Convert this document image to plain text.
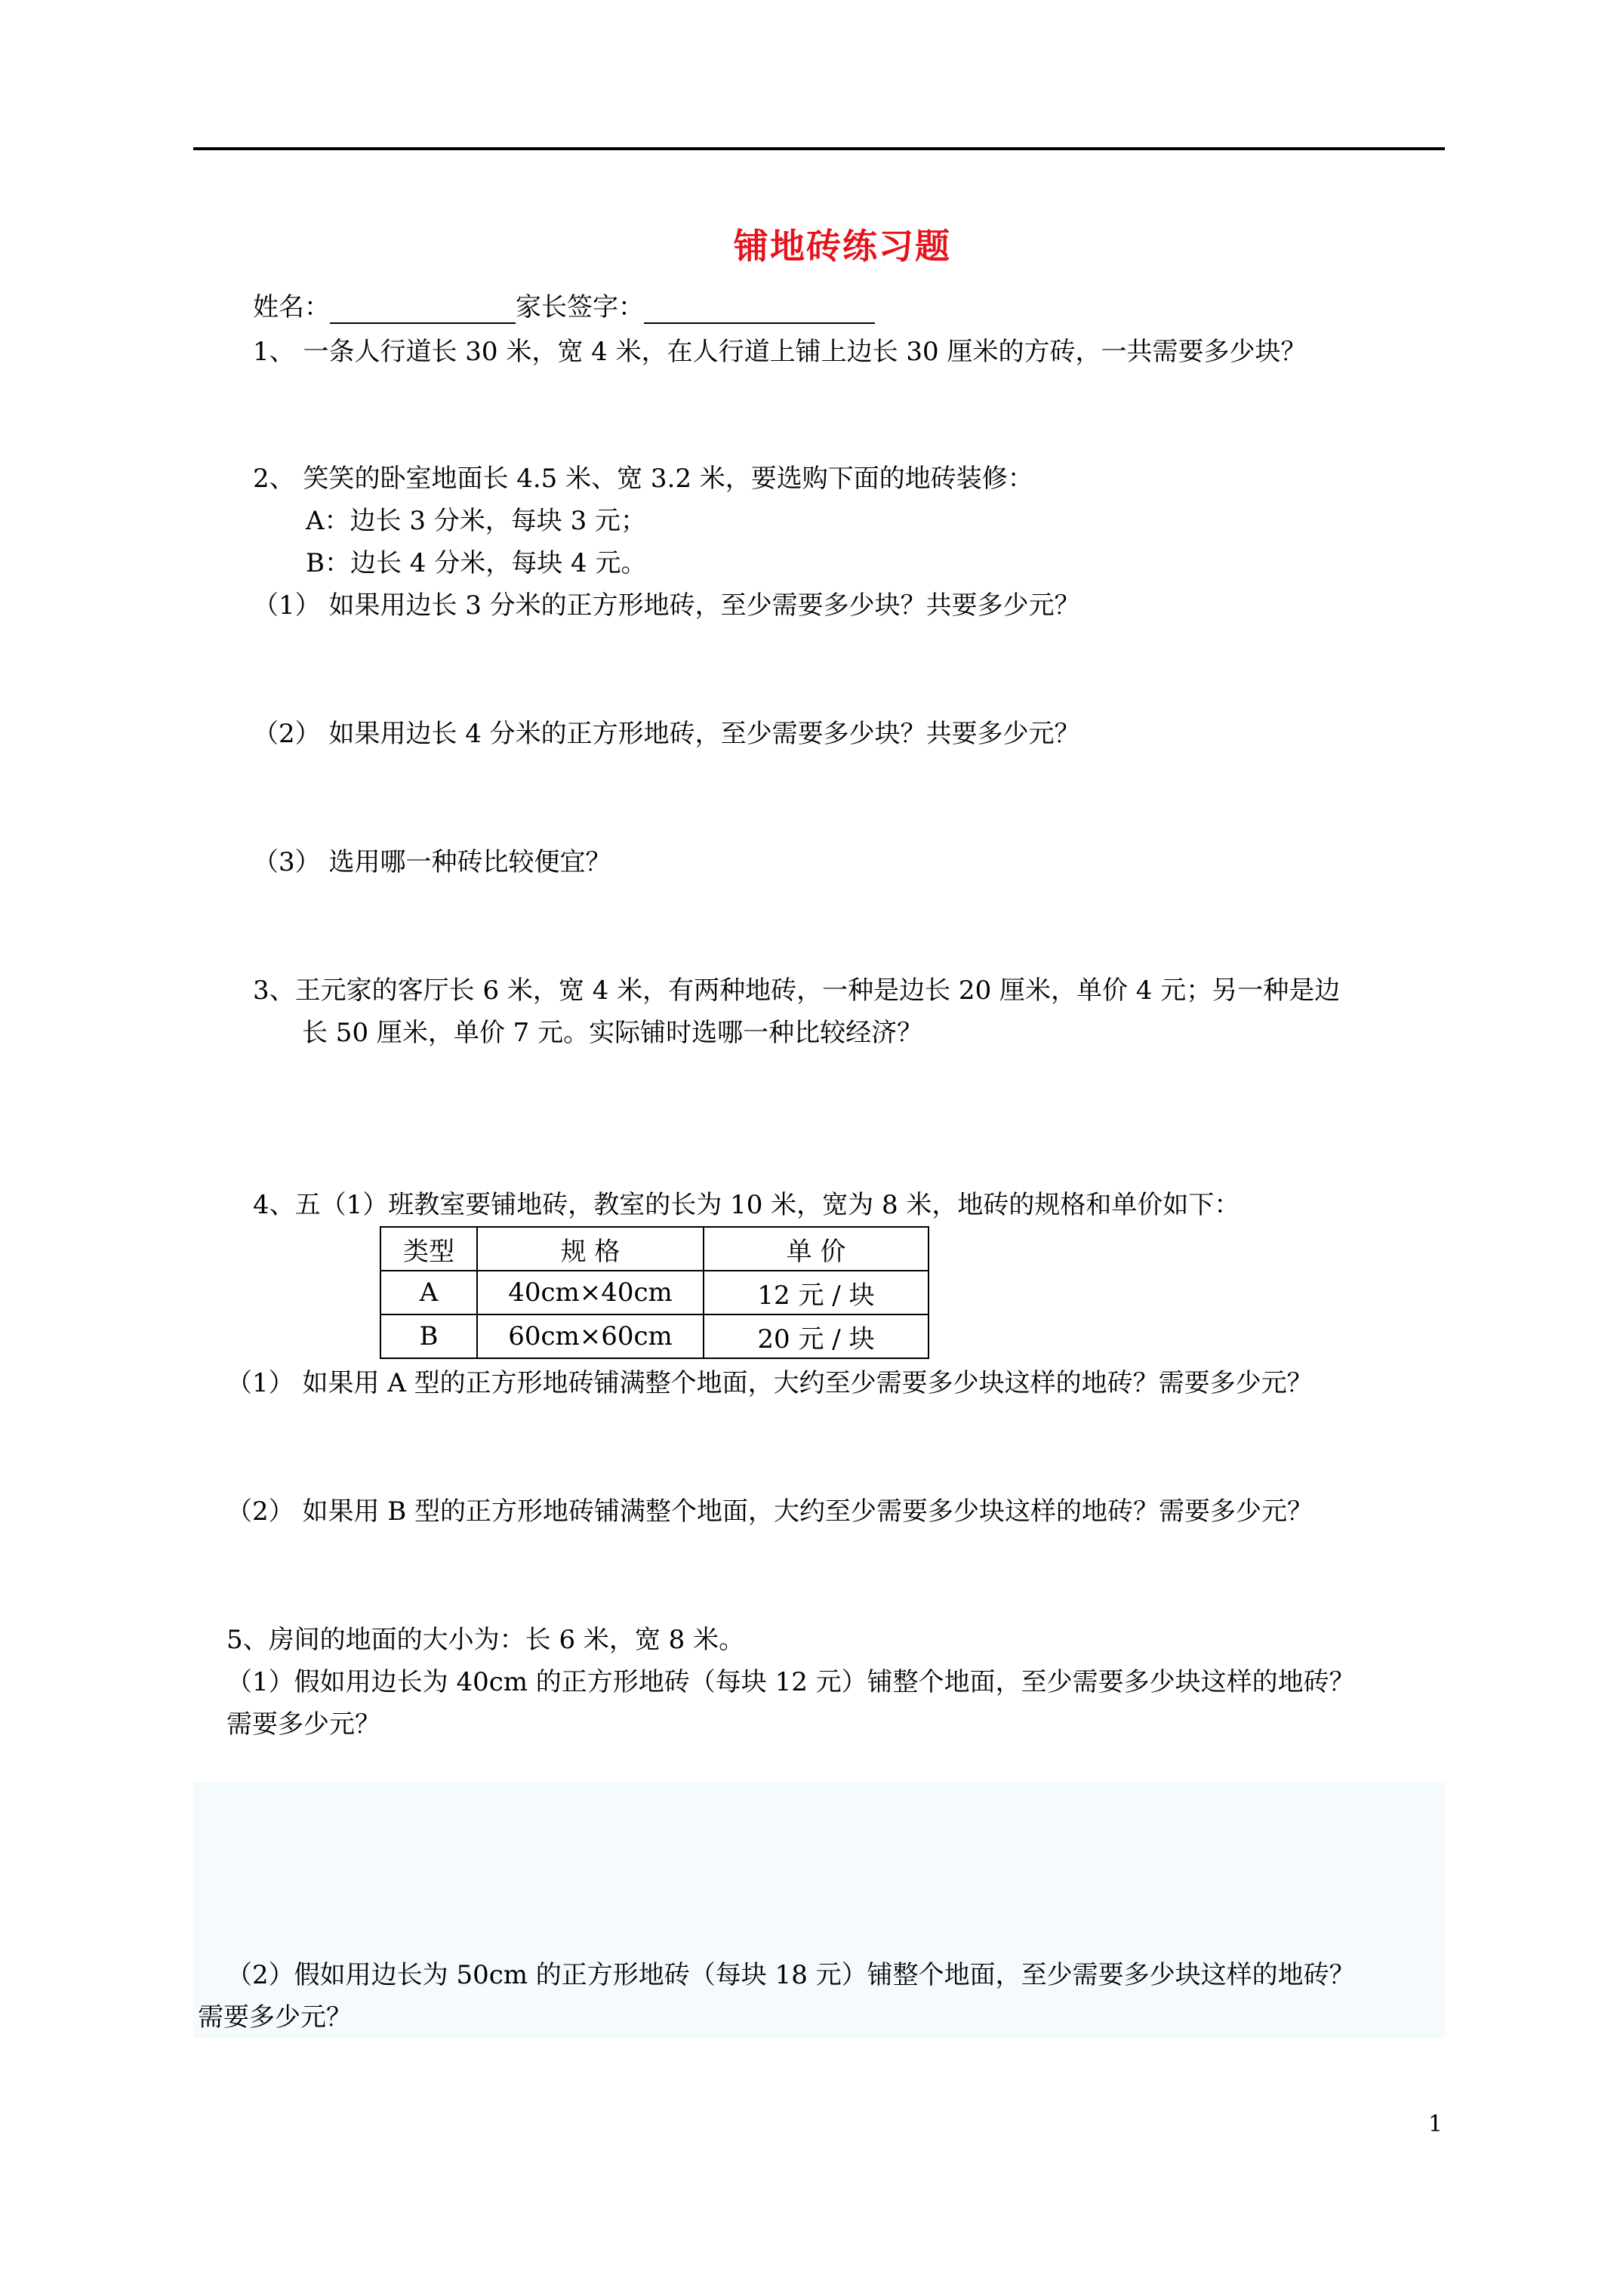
铺地砖练习题
姓名：	家长签字：
1、 一条人行道长 30 米，宽 4 米，在人行道上铺上边长 30 厘米的方砖，一共需要多少块？
2、 笑笑的卧室地面长 4.5 米、宽 3.2 米，要选购下面的地砖装修：
A：边长 3 分米，每块 3 元；
B：边长 4 分米，每块 4 元。
（1） 如果用边长 3 分米的正方形地砖，至少需要多少块？共要多少元？
（2） 如果用边长 4 分米的正方形地砖，至少需要多少块？共要多少元？
（3） 选用哪一种砖比较便宜？
3、王元家的客厅长 6 米，宽 4 米，有两种地砖，一种是边长 20 厘米，单价 4 元；另一种是边
长 50 厘米，单价 7 元。实际铺时选哪一种比较经济？
4、五（1）班教室要铺地砖，教室的长为 10 米，宽为 8 米，地砖的规格和单价如下：
类型	规 格	单 价
A	40cm×40cm	12 元 / 块
B	60cm×60cm	20 元 / 块
（1） 如果用 A 型的正方形地砖铺满整个地面，大约至少需要多少块这样的地砖？需要多少元？
（2） 如果用 B 型的正方形地砖铺满整个地面，大约至少需要多少块这样的地砖？需要多少元？
5、房间的地面的大小为：长 6 米，宽 8 米。
（1）假如用边长为 40cm 的正方形地砖（每块 12 元）铺整个地面，至少需要多少块这样的地砖？
需要多少元？
（2）假如用边长为 50cm 的正方形地砖（每块 18 元）铺整个地面，至少需要多少块这样的地砖？
需要多少元？
1
